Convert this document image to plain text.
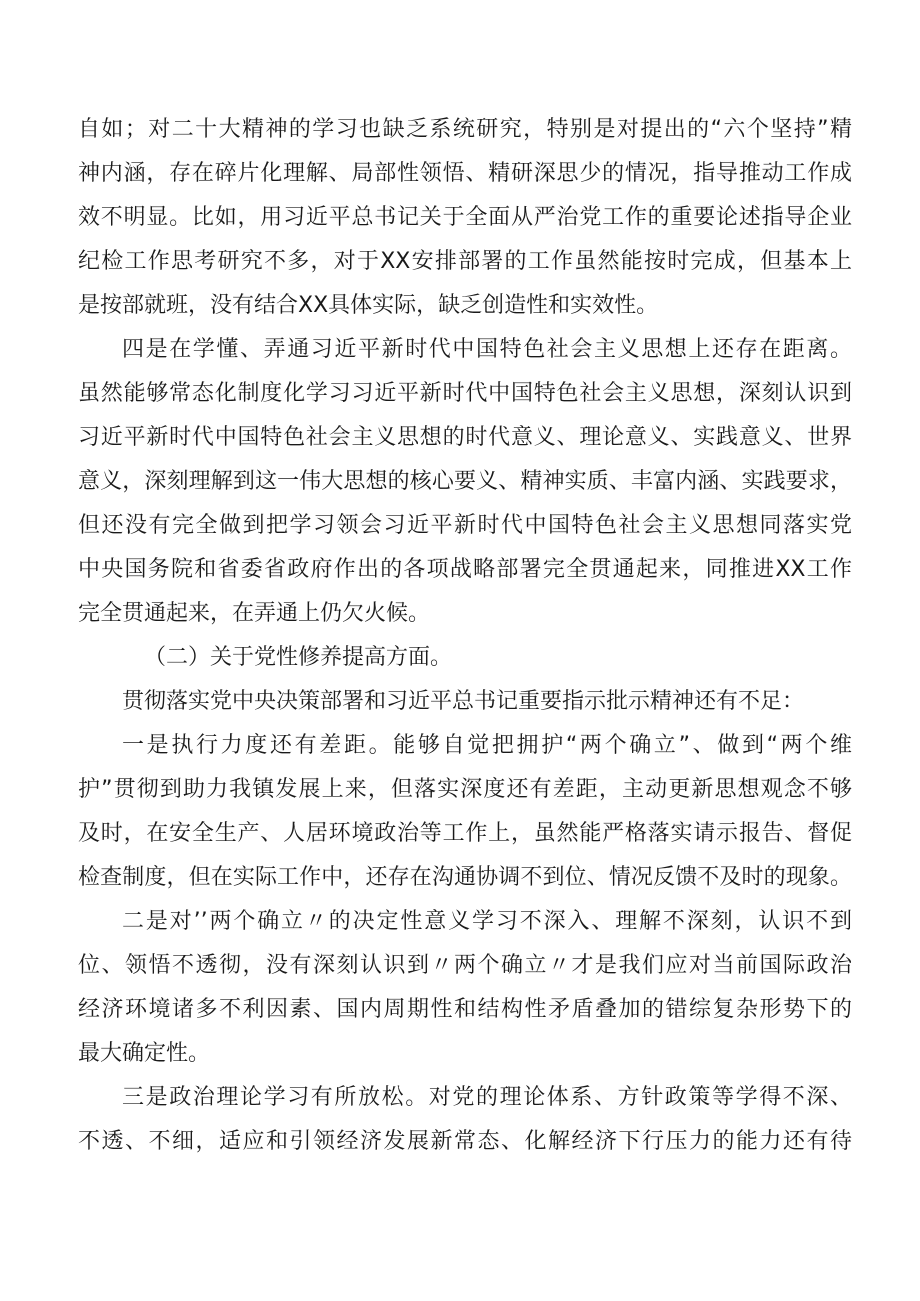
自如；对二十大精神的学习也缺乏系统研究，特别是对提出的“六个坚持”精
神内涵，存在碎片化理解、局部性领悟、精研深思少的情况，指导推动工作成
效不明显。比如，用习近平总书记关于全面从严治党工作的重要论述指导企业
纪检工作思考研究不多，对于XX安排部署的工作虽然能按时完成，但基本上
是按部就班，没有结合XX具体实际，缺乏创造性和实效性。
四是在学懂、弄通习近平新时代中国特色社会主义思想上还存在距离。
虽然能够常态化制度化学习习近平新时代中国特色社会主义思想，深刻认识到
习近平新时代中国特色社会主义思想的时代意义、理论意义、实践意义、世界
意义，深刻理解到这一伟大思想的核心要义、精神实质、丰富内涵、实践要求，
但还没有完全做到把学习领会习近平新时代中国特色社会主义思想同落实党
中央国务院和省委省政府作出的各项战略部署完全贯通起来，同推进XX工作
完全贯通起来，在弄通上仍欠火候。
（二）关于党性修养提高方面。
贯彻落实党中央决策部署和习近平总书记重要指示批示精神还有不足：
一是执行力度还有差距。能够自觉把拥护“两个确立”、做到“两个维
护”贯彻到助力我镇发展上来，但落实深度还有差距，主动更新思想观念不够
及时，在安全生产、人居环境政治等工作上，虽然能严格落实请示报告、督促
检查制度，但在实际工作中，还存在沟通协调不到位、情况反馈不及时的现象。
二是对’’两个确立〃的决定性意义学习不深入、理解不深刻，认识不到
位、领悟不透彻，没有深刻认识到〃两个确立〃才是我们应对当前国际政治
经济环境诸多不利因素、国内周期性和结构性矛盾叠加的错综复杂形势下的
最大确定性。
三是政治理论学习有所放松。对党的理论体系、方针政策等学得不深、
不透、不细，适应和引领经济发展新常态、化解经济下行压力的能力还有待
